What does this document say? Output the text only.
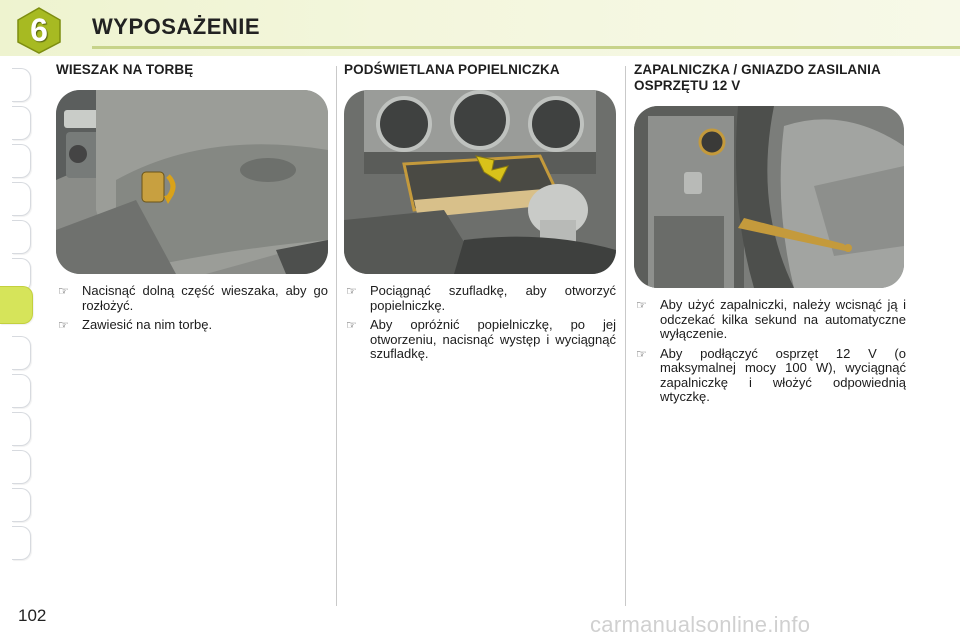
6	WYPOSAŻENIE
WIESZAK NA TORBĘ
☞ Nacisnąć dolną część wieszaka, aby go rozłożyć.
☞ Zawiesić na nim torbę.
PODŚWIETLANA POPIELNICZKA
☞ Pociągnąć szufladkę, aby otworzyć popielniczkę.
☞ Aby opróżnić popielniczkę, po jej otworzeniu, nacisnąć występ i wyciągnąć szufladkę.
ZAPALNICZKA / GNIAZDO ZASILANIA OSPRZĘTU 12 V
☞ Aby użyć zapalniczki, należy wcisnąć ją i odczekać kilka sekund na automatyczne wyłączenie.
☞ Aby podłączyć osprzęt 12 V (o maksymalnej mocy 100 W), wyciągnąć zapalniczkę i włożyć odpowiednią wtyczkę.
102	carmanualsonline.info
